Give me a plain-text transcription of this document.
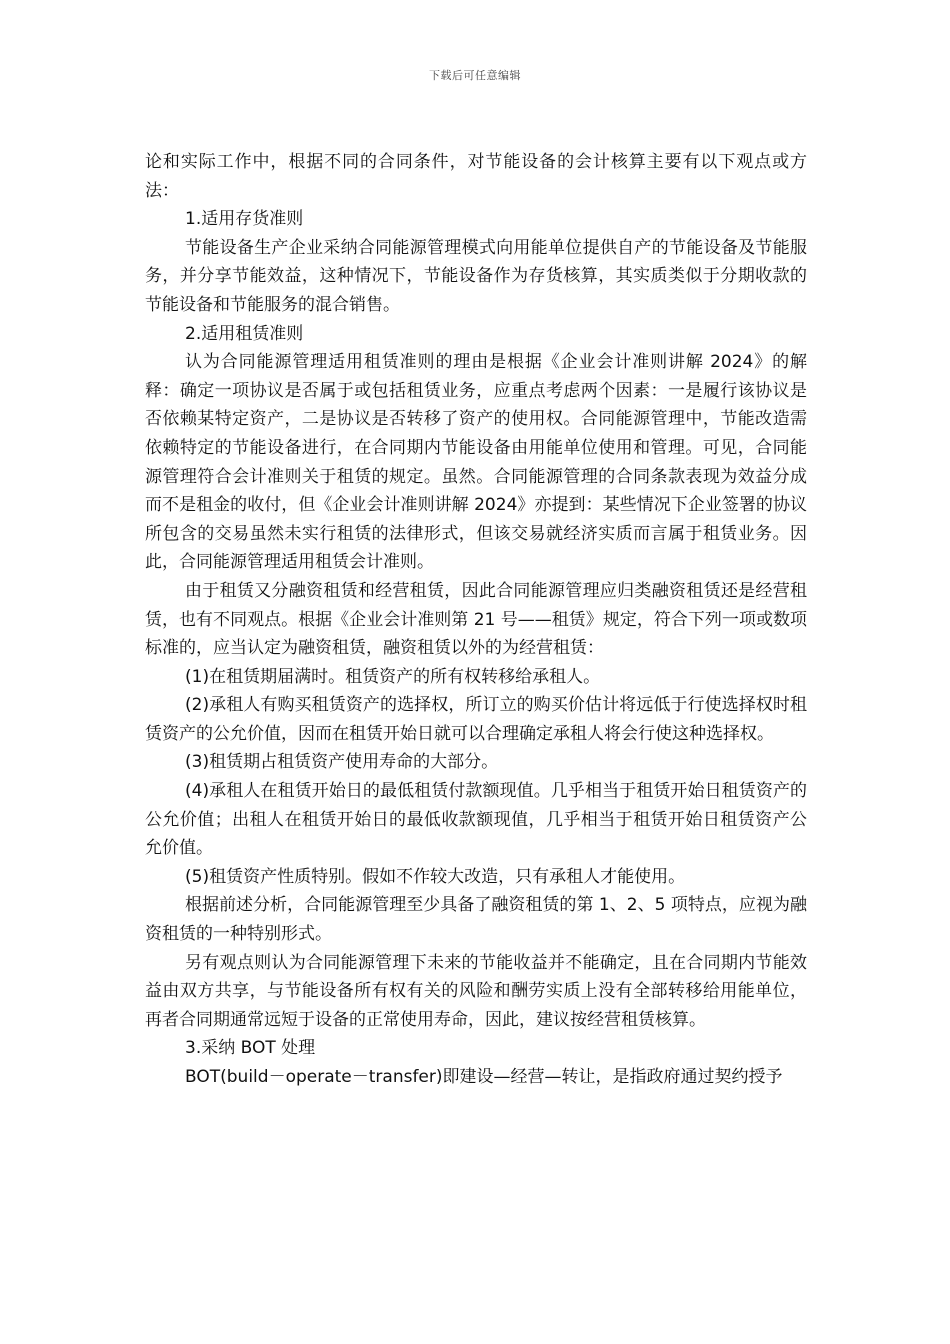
下载后可任意编辑

论和实际工作中，根据不同的合同条件，对节能设备的会计核算主要有以下观点或方法：

1.适用存货准则

节能设备生产企业采纳合同能源管理模式向用能单位提供自产的节能设备及节能服务，并分享节能效益，这种情况下，节能设备作为存货核算，其实质类似于分期收款的节能设备和节能服务的混合销售。

2.适用租赁准则

认为合同能源管理适用租赁准则的理由是根据《企业会计准则讲解 2024》的解释：确定一项协议是否属于或包括租赁业务，应重点考虑两个因素：一是履行该协议是否依赖某特定资产，二是协议是否转移了资产的使用权。合同能源管理中，节能改造需依赖特定的节能设备进行，在合同期内节能设备由用能单位使用和管理。可见，合同能源管理符合会计准则关于租赁的规定。虽然。合同能源管理的合同条款表现为效益分成而不是租金的收付，但《企业会计准则讲解 2024》亦提到：某些情况下企业签署的协议所包含的交易虽然未实行租赁的法律形式，但该交易就经济实质而言属于租赁业务。因此，合同能源管理适用租赁会计准则。

由于租赁又分融资租赁和经营租赁，因此合同能源管理应归类融资租赁还是经营租赁，也有不同观点。根据《企业会计准则第 21 号——租赁》规定，符合下列一项或数项标准的，应当认定为融资租赁，融资租赁以外的为经营租赁：

(1)在租赁期届满时。租赁资产的所有权转移给承租人。

(2)承租人有购买租赁资产的选择权，所订立的购买价估计将远低于行使选择权时租赁资产的公允价值，因而在租赁开始日就可以合理确定承租人将会行使这种选择权。

(3)租赁期占租赁资产使用寿命的大部分。

(4)承租人在租赁开始日的最低租赁付款额现值。几乎相当于租赁开始日租赁资产的公允价值；出租人在租赁开始日的最低收款额现值，几乎相当于租赁开始日租赁资产公允价值。

(5)租赁资产性质特别。假如不作较大改造，只有承租人才能使用。

根据前述分析，合同能源管理至少具备了融资租赁的第 1、2、5 项特点，应视为融资租赁的一种特别形式。

另有观点则认为合同能源管理下未来的节能收益并不能确定，且在合同期内节能效益由双方共享，与节能设备所有权有关的风险和酬劳实质上没有全部转移给用能单位，再者合同期通常远短于设备的正常使用寿命，因此，建议按经营租赁核算。

3.采纳 BOT 处理

BOT(build－operate－transfer)即建设—经营—转让，是指政府通过契约授予
